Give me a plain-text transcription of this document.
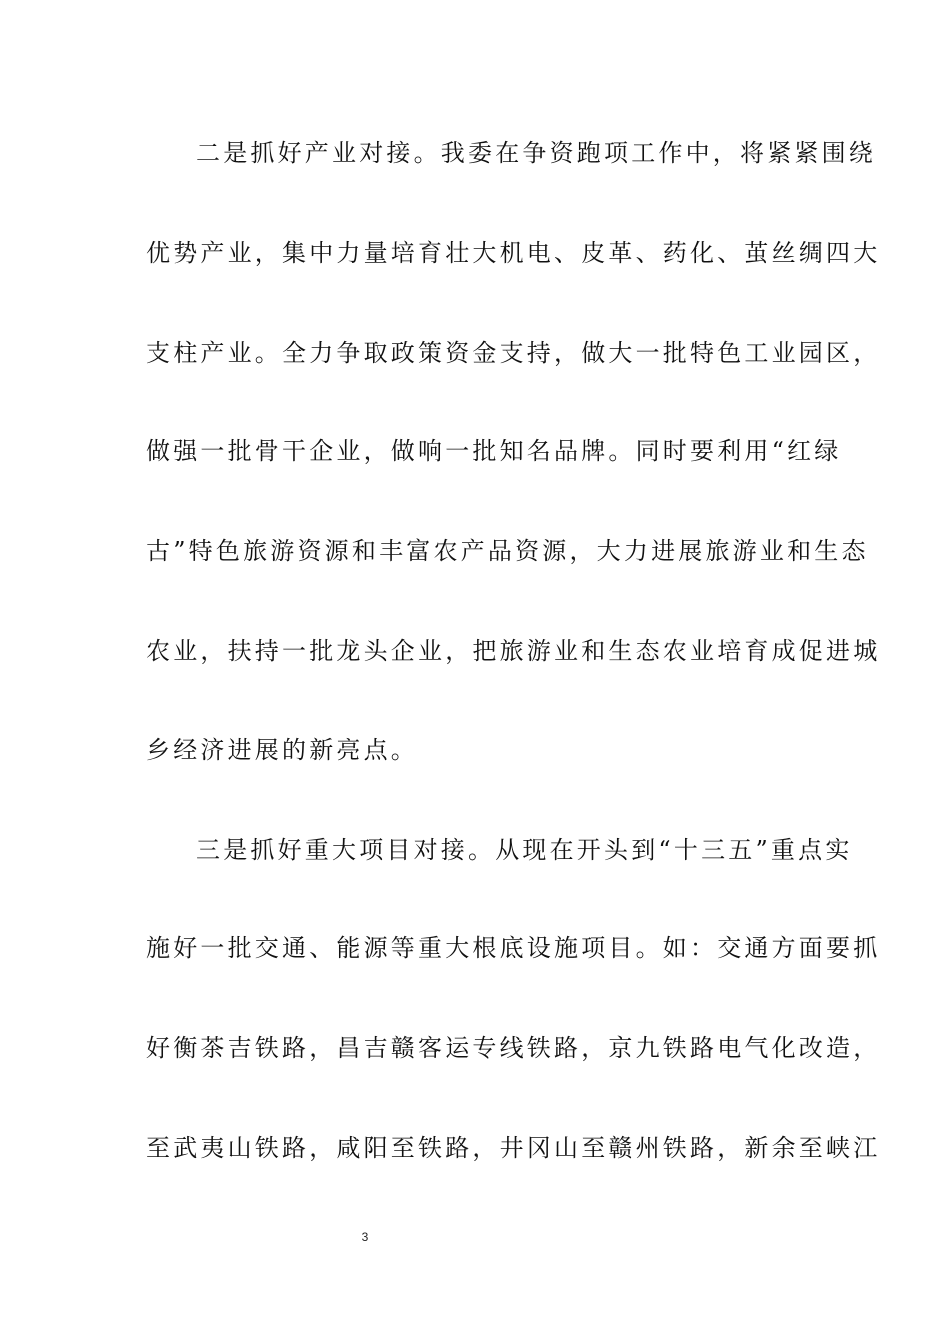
二是抓好产业对接。我委在争资跑项工作中，将紧紧围绕
优势产业，集中力量培育壮大机电、皮革、药化、茧丝绸四大
支柱产业。全力争取政策资金支持，做大一批特色工业园区，
做强一批骨干企业，做响一批知名品牌。同时要利用“红绿
古”特色旅游资源和丰富农产品资源，大力进展旅游业和生态
农业，扶持一批龙头企业，把旅游业和生态农业培育成促进城
乡经济进展的新亮点。
三是抓好重大项目对接。从现在开头到“十三五”重点实
施好一批交通、能源等重大根底设施项目。如：交通方面要抓
好衡茶吉铁路，昌吉赣客运专线铁路，京九铁路电气化改造，
至武夷山铁路，咸阳至铁路，井冈山至赣州铁路，新余至峡江
3
